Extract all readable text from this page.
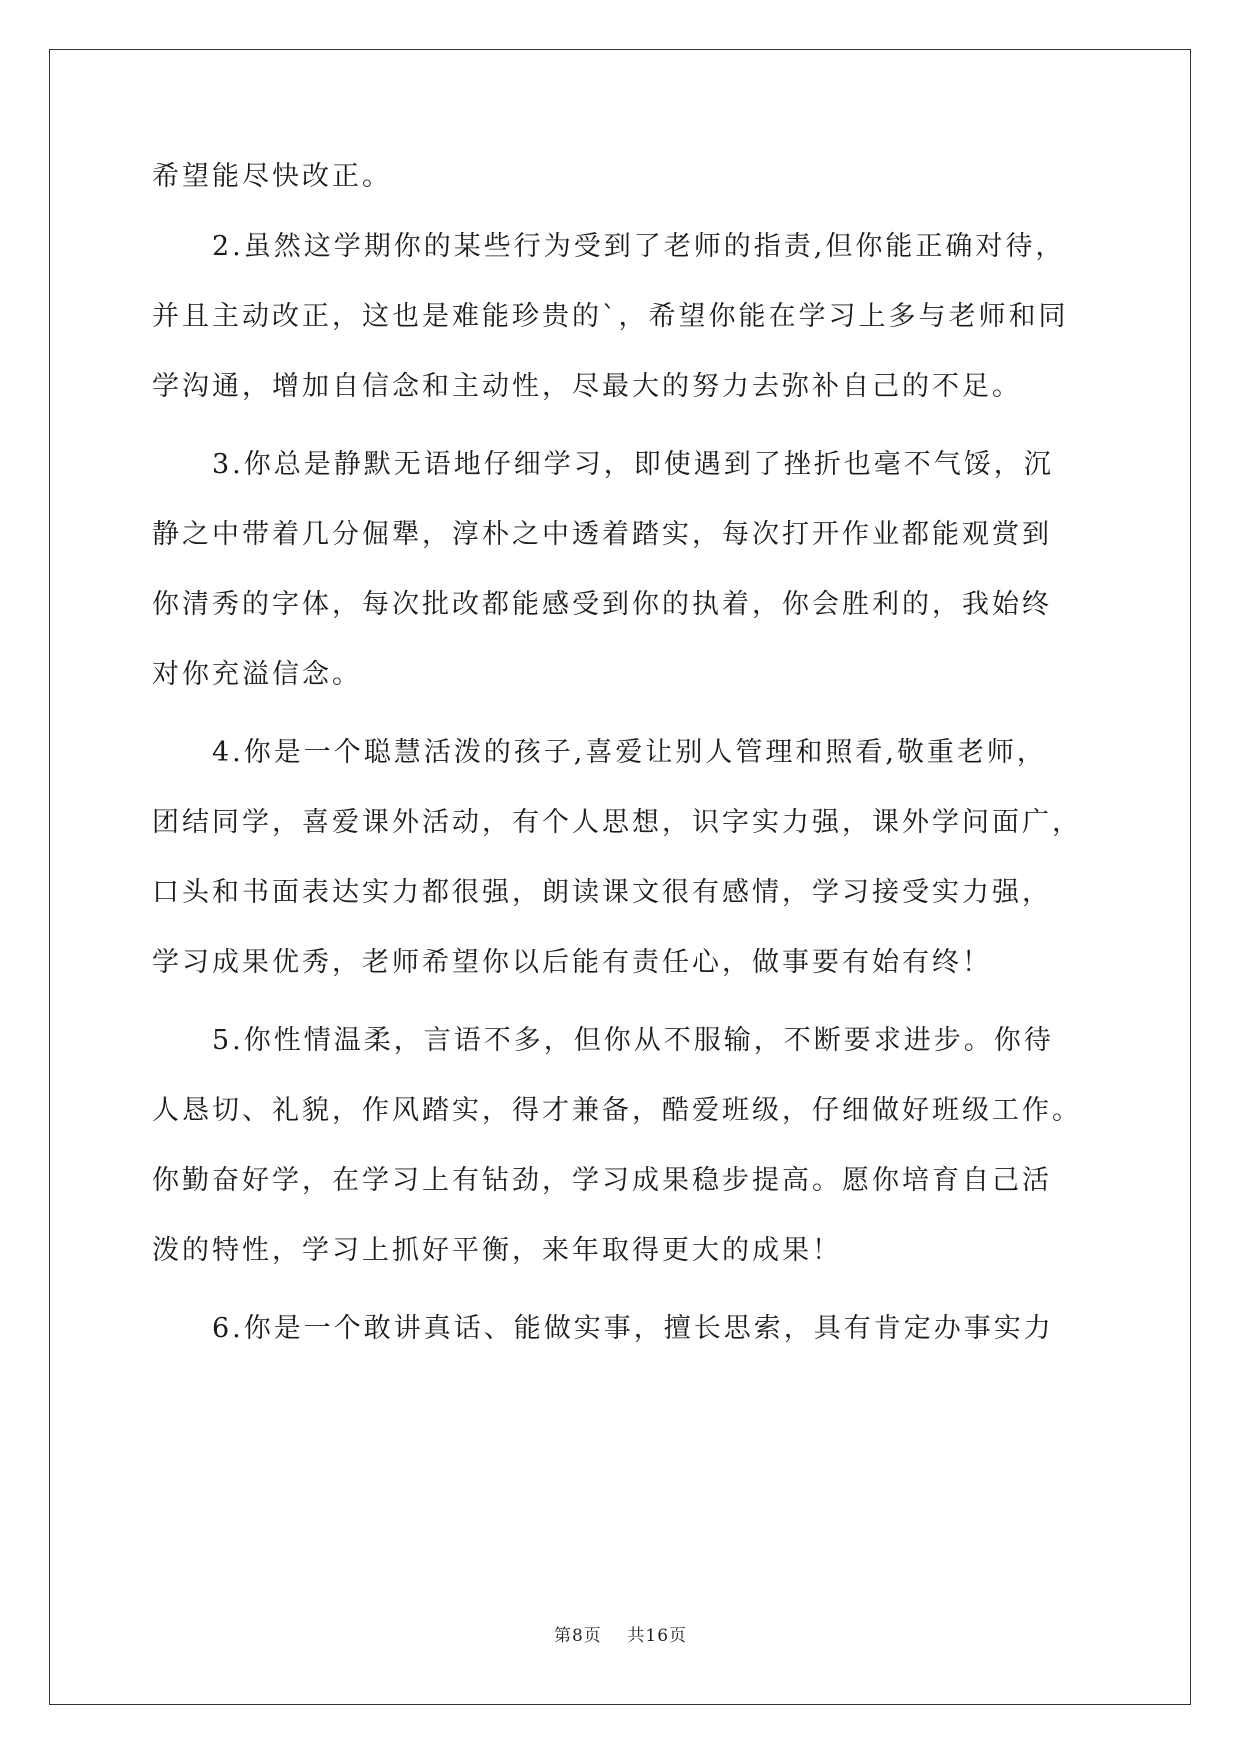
希望能尽快改正。
2.虽然这学期你的某些行为受到了老师的指责,但你能正确对待，
并且主动改正，这也是难能珍贵的`，希望你能在学习上多与老师和同
学沟通，增加自信念和主动性，尽最大的努力去弥补自己的不足。
3.你总是静默无语地仔细学习，即使遇到了挫折也毫不气馁，沉
静之中带着几分倔犟，淳朴之中透着踏实，每次打开作业都能观赏到
你清秀的字体，每次批改都能感受到你的执着，你会胜利的，我始终
对你充溢信念。
4.你是一个聪慧活泼的孩子,喜爱让别人管理和照看,敬重老师，
团结同学，喜爱课外活动，有个人思想，识字实力强，课外学问面广，
口头和书面表达实力都很强，朗读课文很有感情，学习接受实力强，
学习成果优秀，老师希望你以后能有责任心，做事要有始有终！
5.你性情温柔，言语不多，但你从不服输，不断要求进步。你待
人恳切、礼貌，作风踏实，得才兼备，酷爱班级，仔细做好班级工作。
你勤奋好学，在学习上有钻劲，学习成果稳步提高。愿你培育自己活
泼的特性，学习上抓好平衡，来年取得更大的成果！
6.你是一个敢讲真话、能做实事，擅长思索，具有肯定办事实力
第8页 共16页
